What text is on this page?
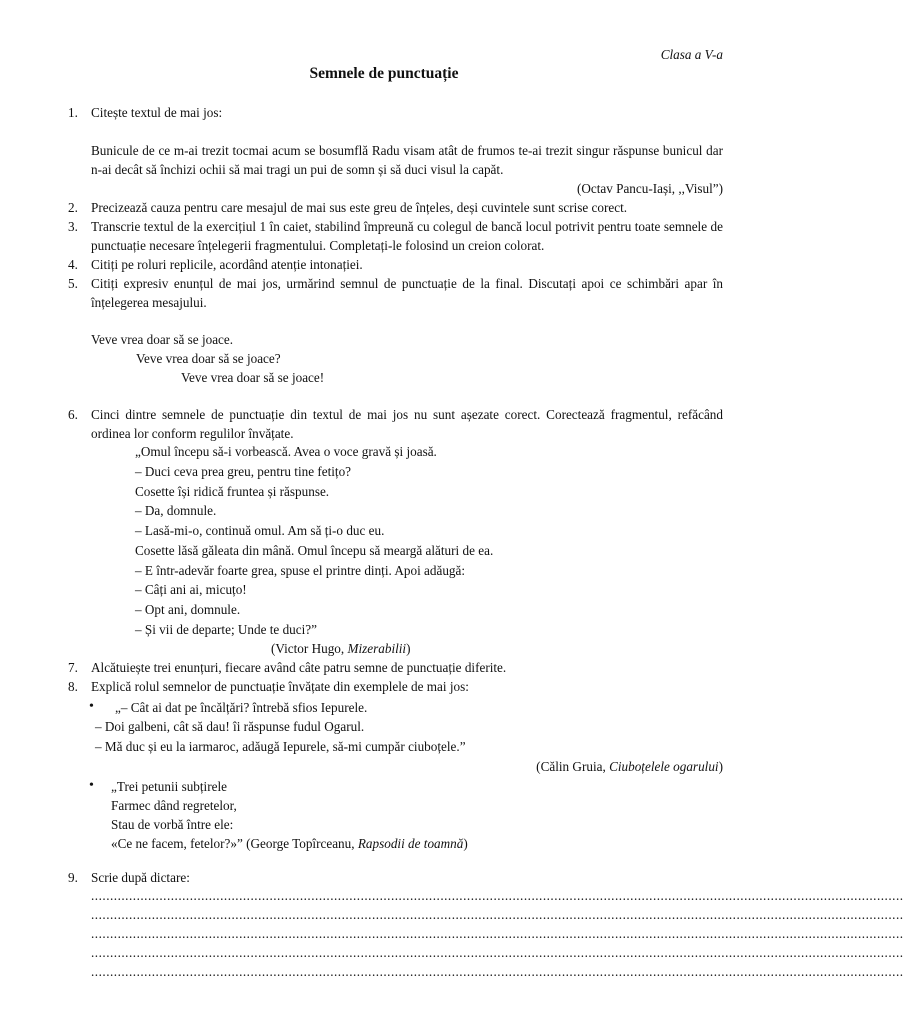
Clasa a V-a
Semnele de punctuație
1. Citește textul de mai jos:
Bunicule de ce m-ai trezit tocmai acum se bosumflă Radu visam atât de frumos te-ai trezit singur răspunse bunicul dar n-ai decât să închizi ochii să mai tragi un pui de somn și să duci visul la capăt.
(Octav Pancu-Iași, ,,Visul”)
2. Precizează cauza pentru care mesajul de mai sus este greu de înțeles, deși cuvintele sunt scrise corect.
3. Transcrie textul de la exercițiul 1 în caiet, stabilind împreună cu colegul de bancă locul potrivit pentru toate semnele de punctuație necesare înțelegerii fragmentului. Completați-le folosind un creion colorat.
4. Citiți pe roluri replicile, acordând atenție intonației.
5. Citiți expresiv enunțul de mai jos, urmărind semnul de punctuație de la final. Discutați apoi ce schimbări apar în înțelegerea mesajului.
Veve vrea doar să se joace.
Veve vrea doar să se joace?
Veve vrea doar să se joace!
6. Cinci dintre semnele de punctuație din textul de mai jos nu sunt așezate corect. Corectează fragmentul, refăcând ordinea lor conform regulilor învățate.
„Omul începu să-i vorbească. Avea o voce gravă și joasă.
– Duci ceva prea greu, pentru tine fetițo?
Cosette își ridică fruntea și răspunse.
– Da, domnule.
– Lasă-mi-o, continuă omul. Am să ți-o duc eu.
Cosette lăsă găleata din mână. Omul începu să meargă alături de ea.
– E într-adevăr foarte grea, spuse el printre dinți. Apoi adăugă:
– Câți ani ai, micuțo!
– Opt ani, domnule.
– Și vii de departe; Unde te duci?”
(Victor Hugo, Mizerabilii)
7. Alcătuiește trei enunțuri, fiecare având câte patru semne de punctuație diferite.
8. Explică rolul semnelor de punctuație învățate din exemplele de mai jos:
• „– Cât ai dat pe încălțări? întrebă sfios Iepurele.
– Doi galbeni, cât să dau! îi răspunse fudul Ogarul.
– Mă duc și eu la iarmaroc, adăugă Iepurele, să-mi cumpăr ciuboțele.”
(Călin Gruia, Ciuboțelele ogarului)
• „Trei petunii subțirele
Farmec dând regretelor,
Stau de vorbă între ele:
«Ce ne facem, fetelor?»” (George Topîrceanu, Rapsodii de toamnă)
9. Scrie după dictare:
......................................................................................................................................................................................................................
......................................................................................................................................................................................................................
......................................................................................................................................................................................................................
......................................................................................................................................................................................................................
......................................................................................................................................................................................................................
